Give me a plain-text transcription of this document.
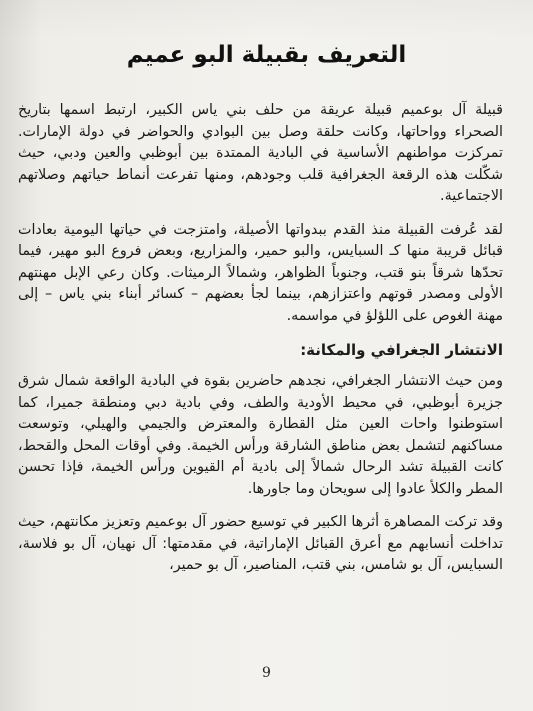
التعريف بقبيلة البو عميم

قبيلة آل بوعميم قبيلة عريقة من حلف بني ياس الكبير، ارتبط اسمها بتاريخ الصحراء وواحاتها، وكانت حلقة وصل بين البوادي والحواضر في دولة الإمارات. تمركزت مواطنهم الأساسية في البادية الممتدة بين أبوظبي والعين ودبي، حيث شكّلت هذه الرقعة الجغرافية قلب وجودهم، ومنها تفرعت أنماط حياتهم وصلاتهم الاجتماعية.

لقد عُرفت القبيلة منذ القدم ببدواتها الأصيلة، وامتزجت في حياتها اليومية بعادات قبائل قريبة منها كـ السبايس، والبو حمير، والمزاريع، وبعض فروع البو مهير، فيما تحدّها شرقاً بنو قتب، وجنوباً الظواهر، وشمالاً الرميثات. وكان رعي الإبل مهنتهم الأولى ومصدر قوتهم واعتزازهم، بينما لجأ بعضهم – كسائر أبناء بني ياس – إلى مهنة الغوص على اللؤلؤ في مواسمه.

الانتشار الجغرافي والمكانة:

ومن حيث الانتشار الجغرافي، نجدهم حاضرين بقوة في البادية الواقعة شمال شرق جزيرة أبوظبي، في محيط الأودية والطف، وفي بادية دبي ومنطقة جميرا، كما استوطنوا واحات العين مثل القطارة والمعترض والجيمي والهيلي، وتوسعت مساكنهم لتشمل بعض مناطق الشارقة ورأس الخيمة. وفي أوقات المحل والقحط، كانت القبيلة تشد الرحال شمالاً إلى بادية أم القيوين ورأس الخيمة، فإذا تحسن المطر والكلأ عادوا إلى سويحان وما جاورها.

وقد تركت المصاهرة أثرها الكبير في توسيع حضور آل بوعميم وتعزيز مكانتهم، حيث تداخلت أنسابهم مع أعرق القبائل الإماراتية، في مقدمتها: آل نهيان، آل بو فلاسة، السبايس، آل بو شامس، بني قتب، المناصير، آل بو حمير،

9
